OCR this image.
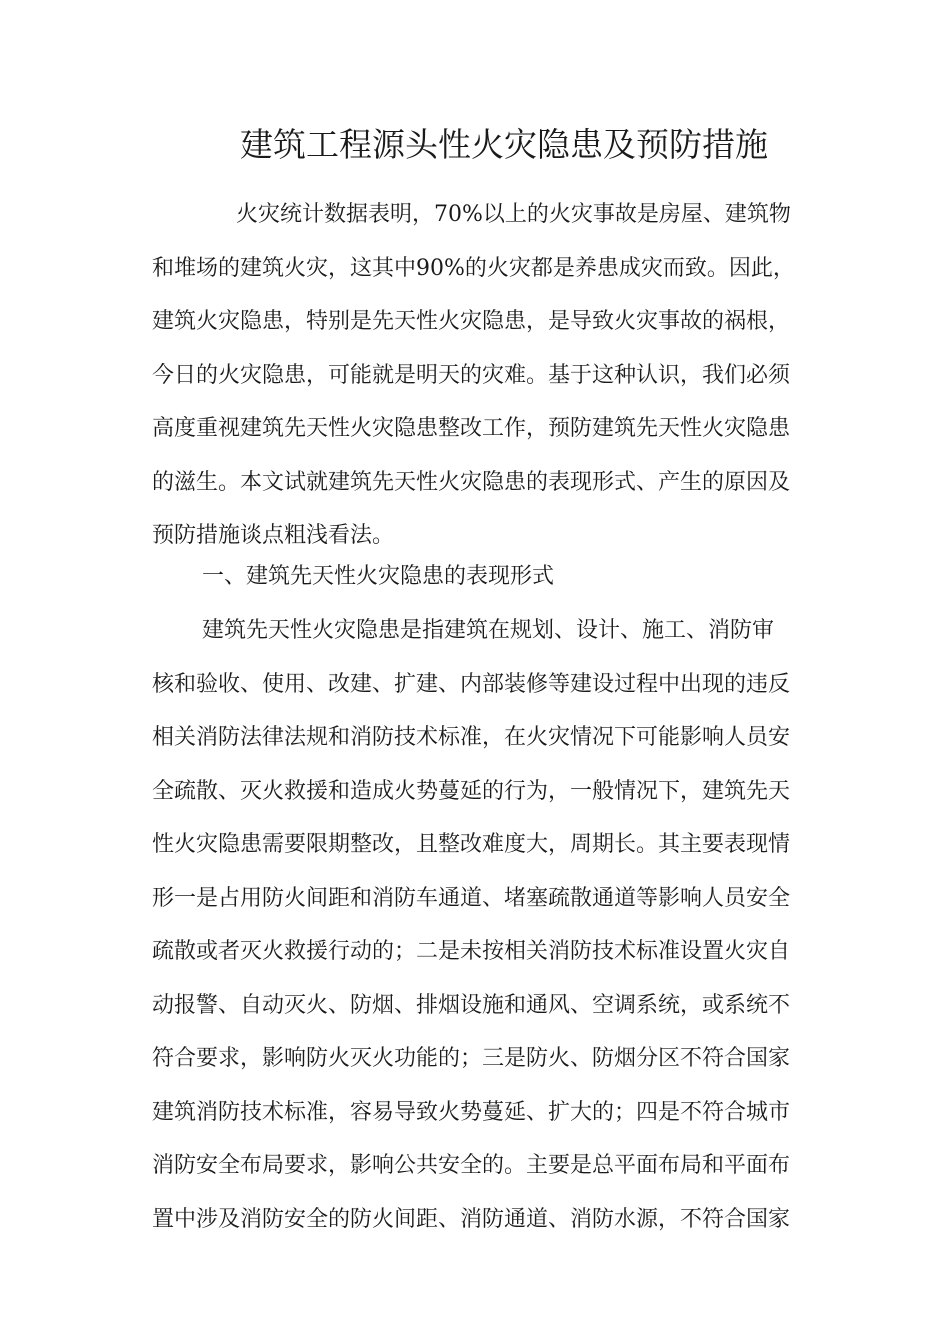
建筑工程源头性火灾隐患及预防措施
火灾统计数据表明，70%以上的火灾事故是房屋、建筑物
和堆场的建筑火灾，这其中90%的火灾都是养患成灾而致。因此，
建筑火灾隐患，特别是先天性火灾隐患，是导致火灾事故的祸根，
今日的火灾隐患，可能就是明天的灾难。基于这种认识，我们必须
高度重视建筑先天性火灾隐患整改工作，预防建筑先天性火灾隐患
的滋生。本文试就建筑先天性火灾隐患的表现形式、产生的原因及
预防措施谈点粗浅看法。
一、建筑先天性火灾隐患的表现形式
建筑先天性火灾隐患是指建筑在规划、设计、施工、消防审
核和验收、使用、改建、扩建、内部装修等建设过程中出现的违反
相关消防法律法规和消防技术标准，在火灾情况下可能影响人员安
全疏散、灭火救援和造成火势蔓延的行为，一般情况下，建筑先天
性火灾隐患需要限期整改，且整改难度大，周期长。其主要表现情
形一是占用防火间距和消防车通道、堵塞疏散通道等影响人员安全
疏散或者灭火救援行动的；二是未按相关消防技术标准设置火灾自
动报警、自动灭火、防烟、排烟设施和通风、空调系统，或系统不
符合要求，影响防火灭火功能的；三是防火、防烟分区不符合国家
建筑消防技术标准，容易导致火势蔓延、扩大的；四是不符合城市
消防安全布局要求，影响公共安全的。主要是总平面布局和平面布
置中涉及消防安全的防火间距、消防通道、消防水源，不符合国家
